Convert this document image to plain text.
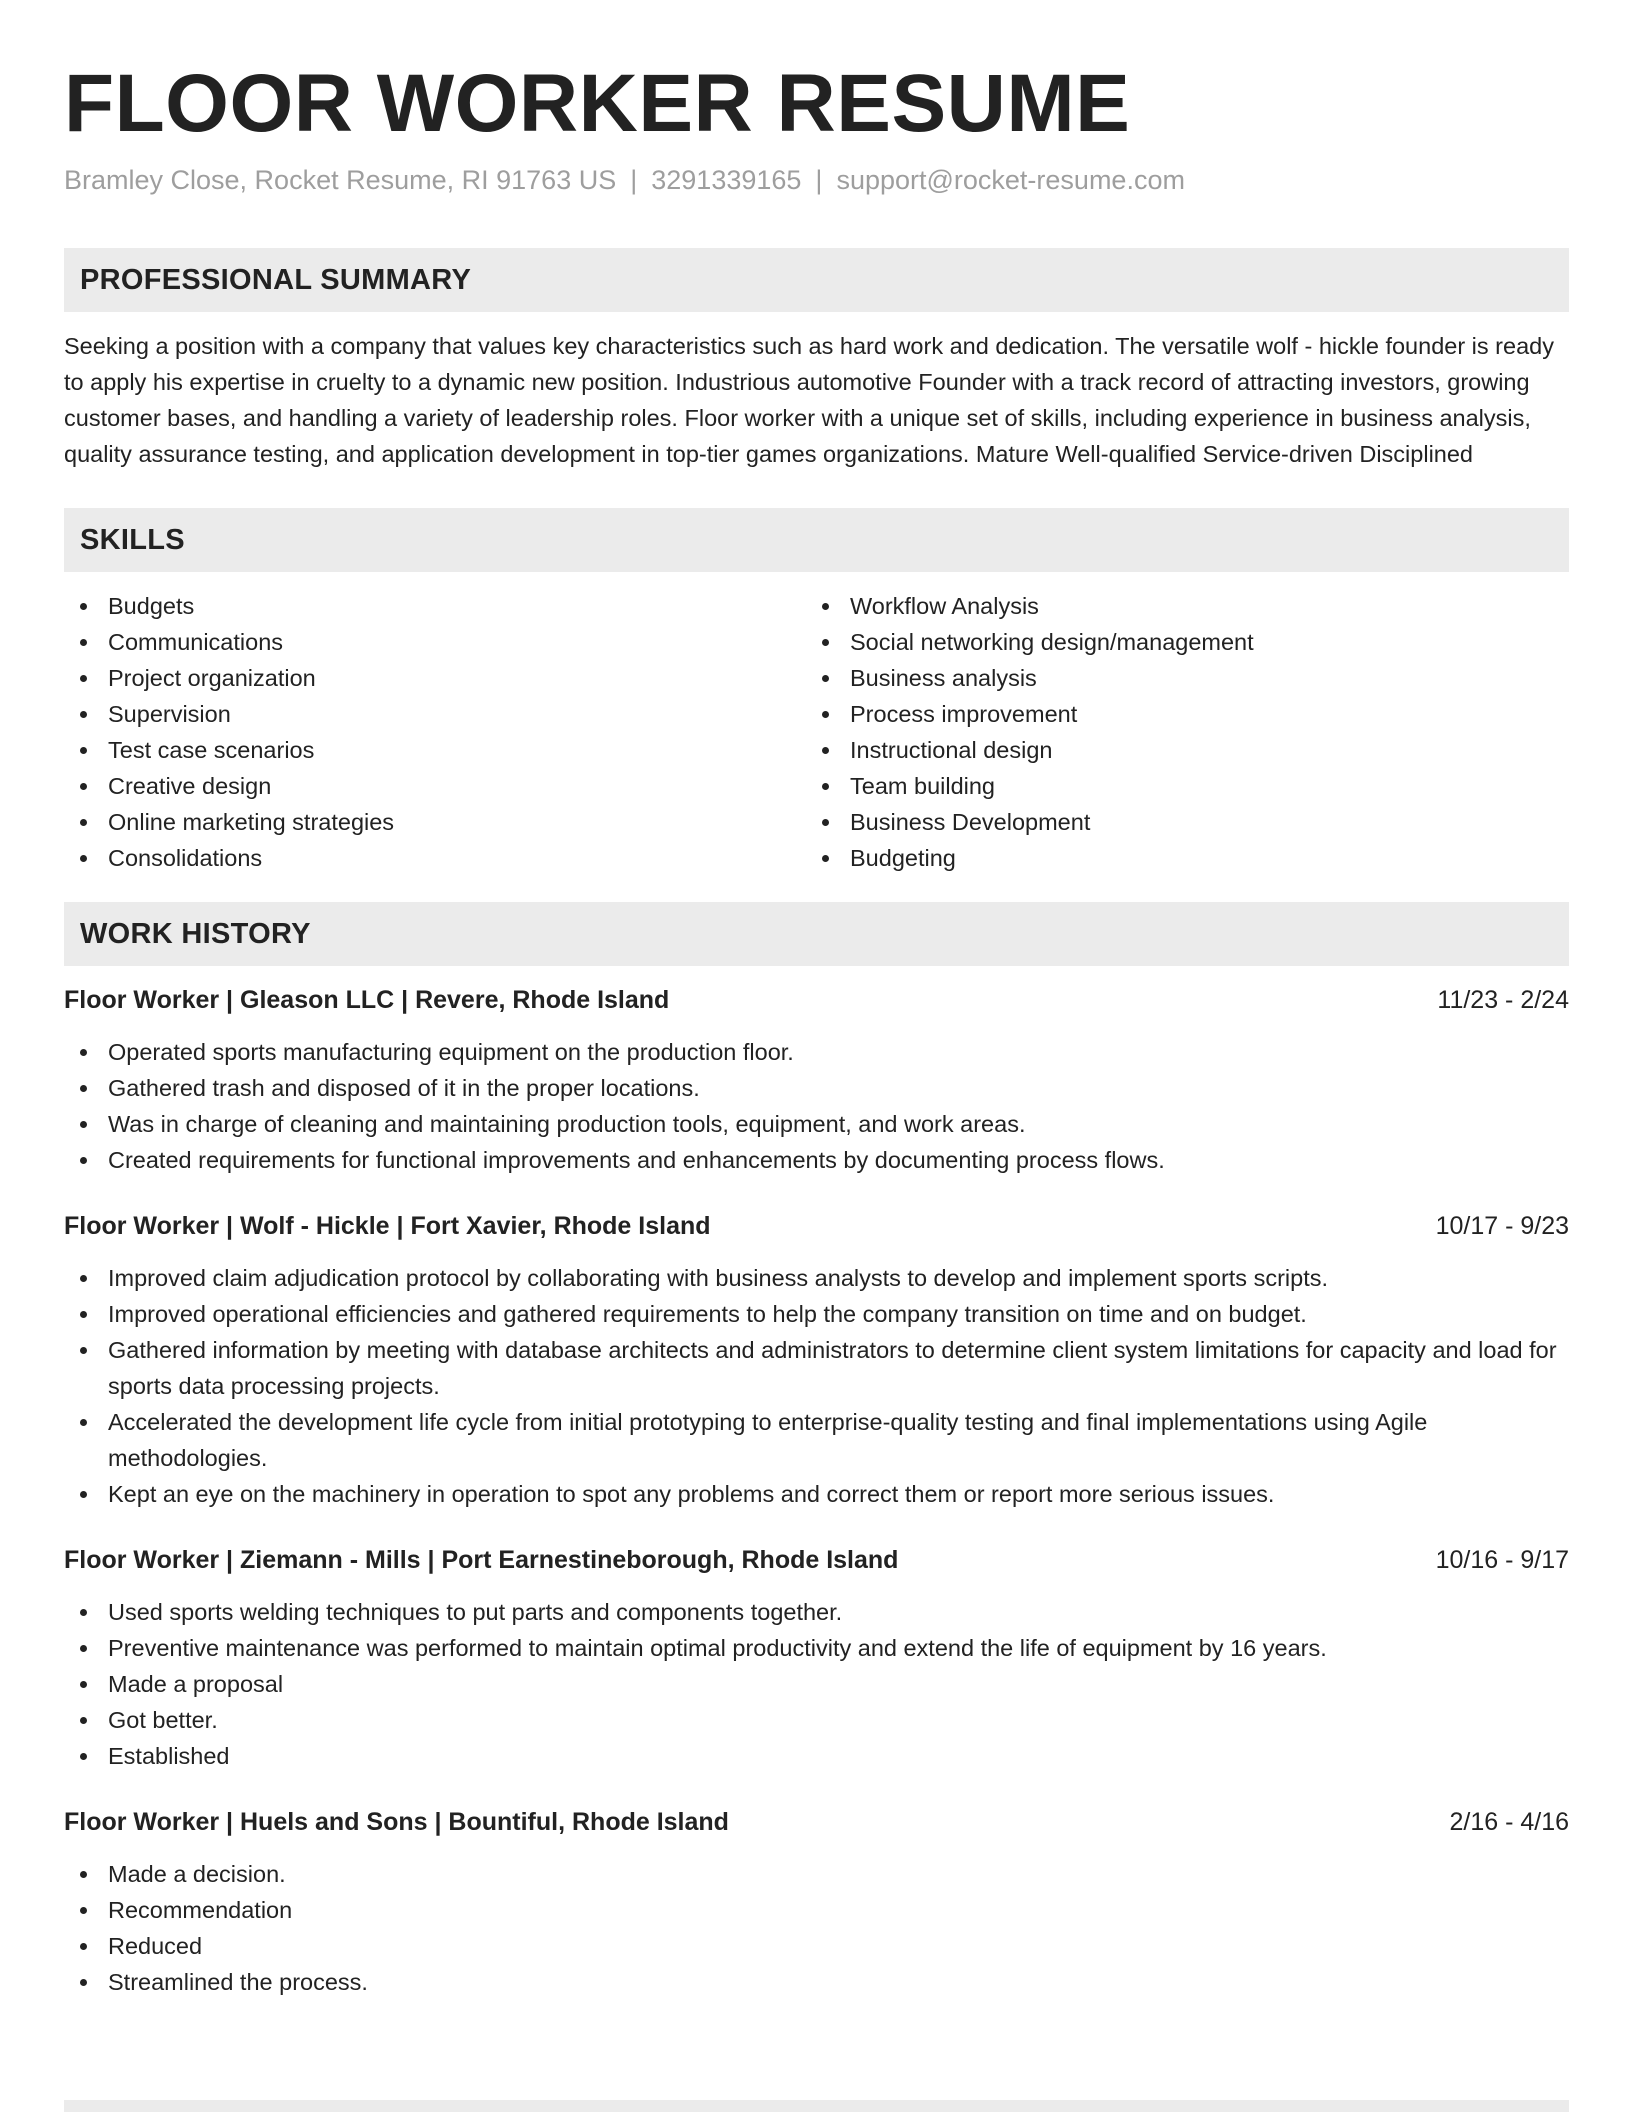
FLOOR WORKER RESUME
Bramley Close, Rocket Resume, RI 91763 US | 3291339165 | support@rocket-resume.com
PROFESSIONAL SUMMARY
Seeking a position with a company that values key characteristics such as hard work and dedication. The versatile wolf - hickle founder is ready to apply his expertise in cruelty to a dynamic new position. Industrious automotive Founder with a track record of attracting investors, growing customer bases, and handling a variety of leadership roles. Floor worker with a unique set of skills, including experience in business analysis, quality assurance testing, and application development in top-tier games organizations. Mature Well-qualified Service-driven Disciplined
SKILLS
Budgets
Communications
Project organization
Supervision
Test case scenarios
Creative design
Online marketing strategies
Consolidations
Workflow Analysis
Social networking design/management
Business analysis
Process improvement
Instructional design
Team building
Business Development
Budgeting
WORK HISTORY
Floor Worker | Gleason LLC | Revere, Rhode Island	11/23 - 2/24
Operated sports manufacturing equipment on the production floor.
Gathered trash and disposed of it in the proper locations.
Was in charge of cleaning and maintaining production tools, equipment, and work areas.
Created requirements for functional improvements and enhancements by documenting process flows.
Floor Worker | Wolf - Hickle | Fort Xavier, Rhode Island	10/17 - 9/23
Improved claim adjudication protocol by collaborating with business analysts to develop and implement sports scripts.
Improved operational efficiencies and gathered requirements to help the company transition on time and on budget.
Gathered information by meeting with database architects and administrators to determine client system limitations for capacity and load for sports data processing projects.
Accelerated the development life cycle from initial prototyping to enterprise-quality testing and final implementations using Agile methodologies.
Kept an eye on the machinery in operation to spot any problems and correct them or report more serious issues.
Floor Worker | Ziemann - Mills | Port Earnestineborough, Rhode Island	10/16 - 9/17
Used sports welding techniques to put parts and components together.
Preventive maintenance was performed to maintain optimal productivity and extend the life of equipment by 16 years.
Made a proposal
Got better.
Established
Floor Worker | Huels and Sons | Bountiful, Rhode Island	2/16 - 4/16
Made a decision.
Recommendation
Reduced
Streamlined the process.
